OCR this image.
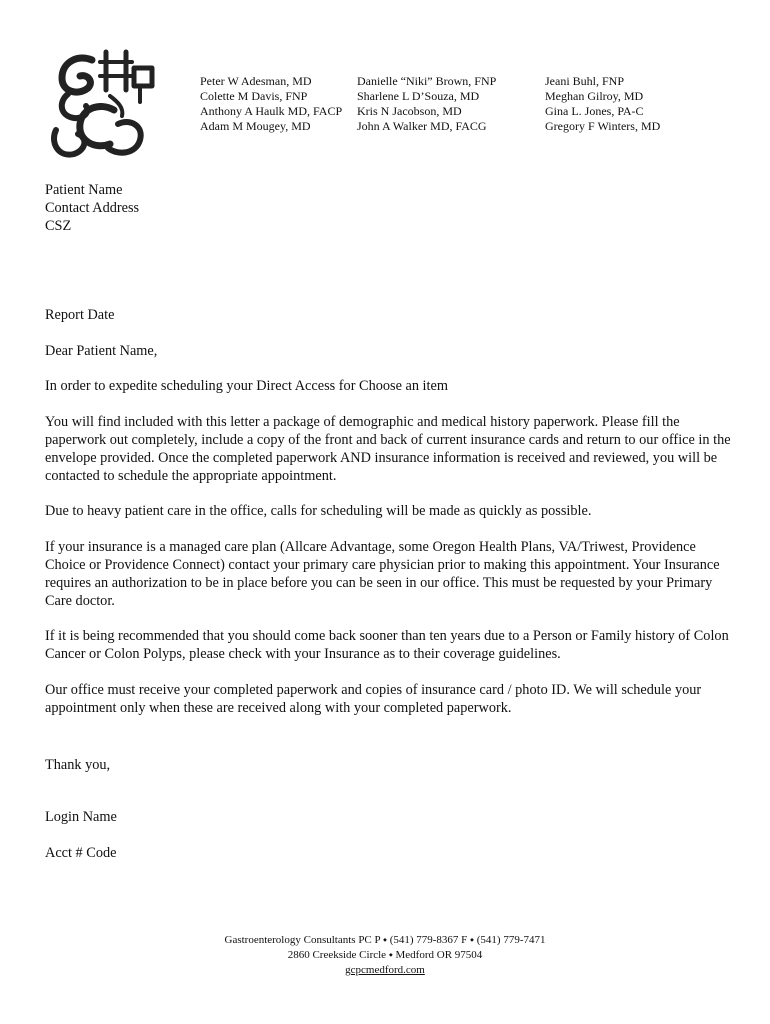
Peter W Adesman, MD
Colette M Davis, FNP
Anthony A Haulk MD, FACP
Adam M Mougey, MD
Danielle “Niki” Brown, FNP
Sharlene L D’Souza, MD
Kris N Jacobson, MD
John A Walker MD, FACG
Jeani Buhl, FNP
Meghan Gilroy, MD
Gina L. Jones, PA-C
Gregory F Winters, MD
Patient Name
Contact Address
CSZ
Report Date
Dear Patient Name,
In order to expedite scheduling your Direct Access for Choose an item
You will find included with this letter a package of demographic and medical history paperwork. Please fill the paperwork out completely, include a copy of the front and back of current insurance cards and return to our office in the envelope provided. Once the completed paperwork AND insurance information is received and reviewed, you will be contacted to schedule the appropriate appointment.
Due to heavy patient care in the office, calls for scheduling will be made as quickly as possible.
If your insurance is a managed care plan (Allcare Advantage, some Oregon Health Plans, VA/Triwest, Providence Choice or Providence Connect) contact your primary care physician prior to making this appointment. Your Insurance requires an authorization to be in place before you can be seen in our office. This must be requested by your Primary Care doctor.
If it is being recommended that you should come back sooner than ten years due to a Person or Family history of Colon Cancer or Colon Polyps, please check with your Insurance as to their coverage guidelines.
Our office must receive your completed paperwork and copies of insurance card / photo ID. We will schedule your appointment only when these are received along with your completed paperwork.
Thank you,
Login Name
Acct # Code
Gastroenterology Consultants PC P ⬩ (541) 779-8367 F ⬩ (541) 779-7471
2860 Creekside Circle ⬩ Medford OR 97504
gcpcmedford.com
